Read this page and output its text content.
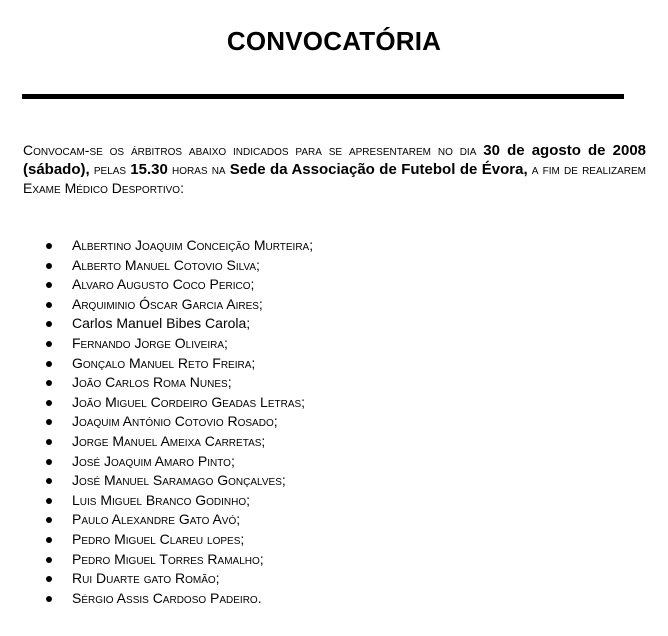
CONVOCATÓRIA

Convocam-se os árbitros abaixo indicados para se apresentarem no dia 30 de agosto de 2008 (sábado), pelas 15.30 horas na Sede da Associação de Futebol de Évora, a fim de realizarem Exame Médico Desportivo:

Albertino Joaquim Conceição Murteira;
Alberto Manuel Cotovio Silva;
Alvaro Augusto Coco Perico;
Arquiminio Óscar Garcia Aires;
Carlos Manuel Bibes Carola;
Fernando Jorge Oliveira;
Gonçalo Manuel Reto Freira;
João Carlos Roma Nunes;
João Miguel Cordeiro Geadas Letras;
Joaquim António Cotovio Rosado;
Jorge Manuel Ameixa Carretas;
José Joaquim Amaro Pinto;
José Manuel Saramago Gonçalves;
Luis Miguel Branco Godinho;
Paulo Alexandre Gato Avó;
Pedro Miguel Clareu lopes;
Pedro Miguel Torres Ramalho;
Rui Duarte gato Romão;
Sérgio Assis Cardoso Padeiro.
